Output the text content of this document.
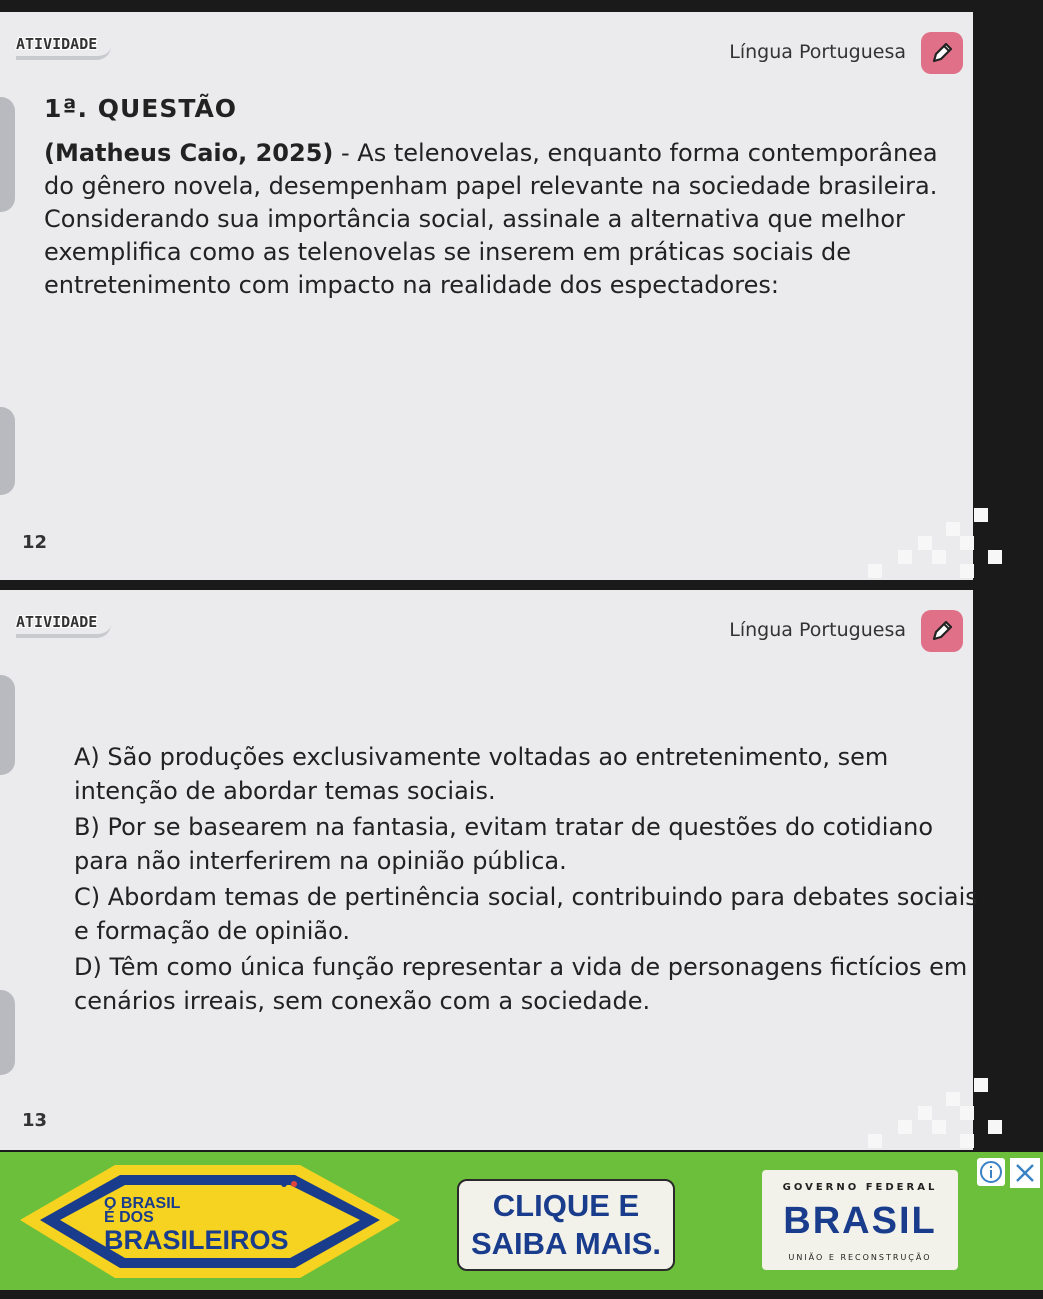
ATIVIDADE	Língua Portuguesa
1ª. QUESTÃO
(Matheus Caio, 2025) - As telenovelas, enquanto forma contemporânea do gênero novela, desempenham papel relevante na sociedade brasileira. Considerando sua importância social, assinale a alternativa que melhor exemplifica como as telenovelas se inserem em práticas sociais de entretenimento com impacto na realidade dos espectadores:
12
ATIVIDADE	Língua Portuguesa

A) São produções exclusivamente voltadas ao entretenimento, sem intenção de abordar temas sociais.

B) Por se basearem na fantasia, evitam tratar de questões do cotidiano para não interferirem na opinião pública.

C) Abordam temas de pertinência social, contribuindo para debates sociais e formação de opinião.

D) Têm como única função representar a vida de personagens fictícios em cenários irreais, sem conexão com a sociedade.

13
O BRASIL
É DOS
BRASILEIROS
CLIQUE E
SAIBA MAIS.
GOVERNO FEDERAL
BRASIL
UNIÃO E RECONSTRUÇÃO
